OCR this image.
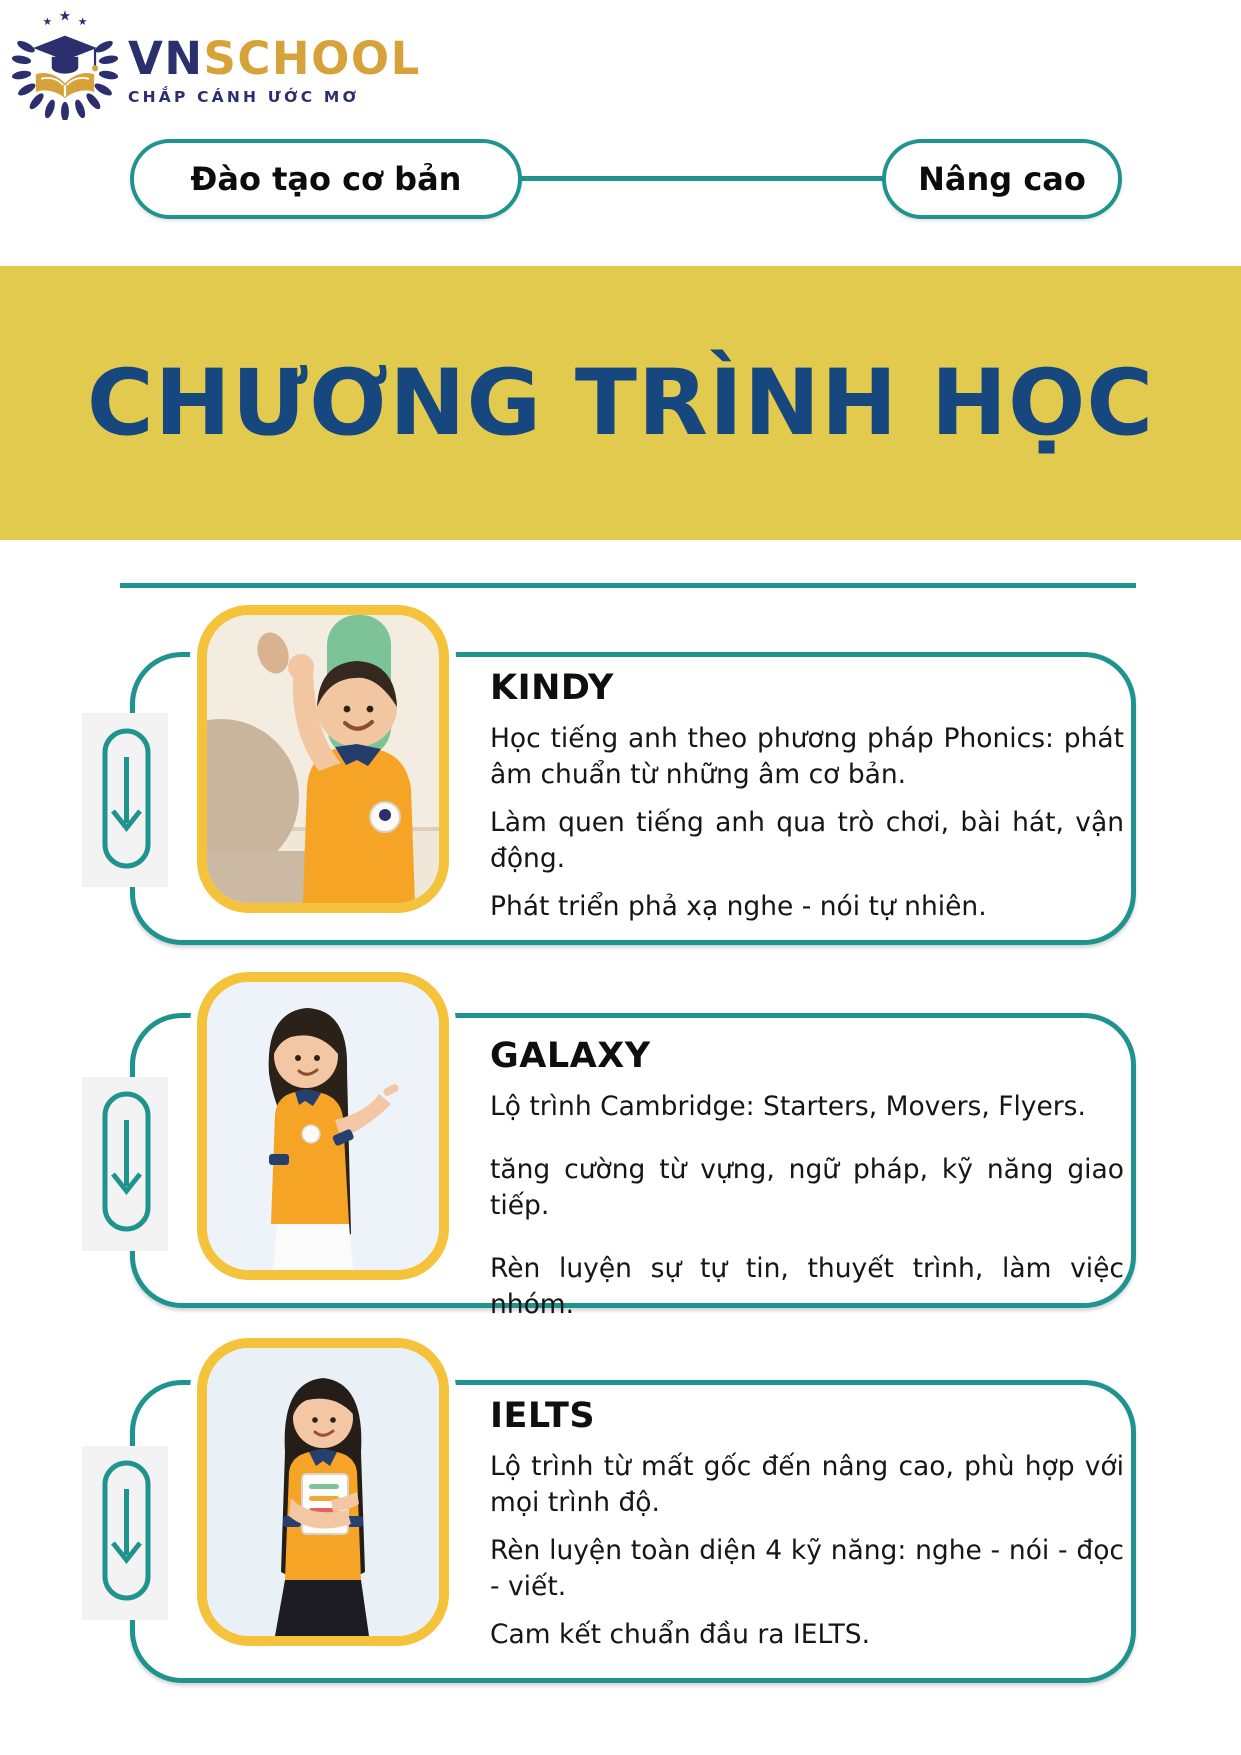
★ ★ ★
VNSCHOOL
CHẮP CÁNH ƯỚC MƠ
Đào tạo cơ bản	Nâng cao
CHƯƠNG TRÌNH HỌC
KINDY

Học tiếng anh theo phương pháp Phonics: phát âm chuẩn từ những âm cơ bản.

Làm quen tiếng anh qua trò chơi, bài hát, vận động.

Phát triển phả xạ nghe - nói tự nhiên.

GALAXY

Lộ trình Cambridge: Starters, Movers, Flyers.

tăng cường từ vựng, ngữ pháp, kỹ năng giao tiếp.

Rèn luyện sự tự tin, thuyết trình, làm việc nhóm.

IELTS

Lộ trình từ mất gốc đến nâng cao, phù hợp với mọi trình độ.

Rèn luyện toàn diện 4 kỹ năng: nghe - nói - đọc - viết.

Cam kết chuẩn đầu ra IELTS.
